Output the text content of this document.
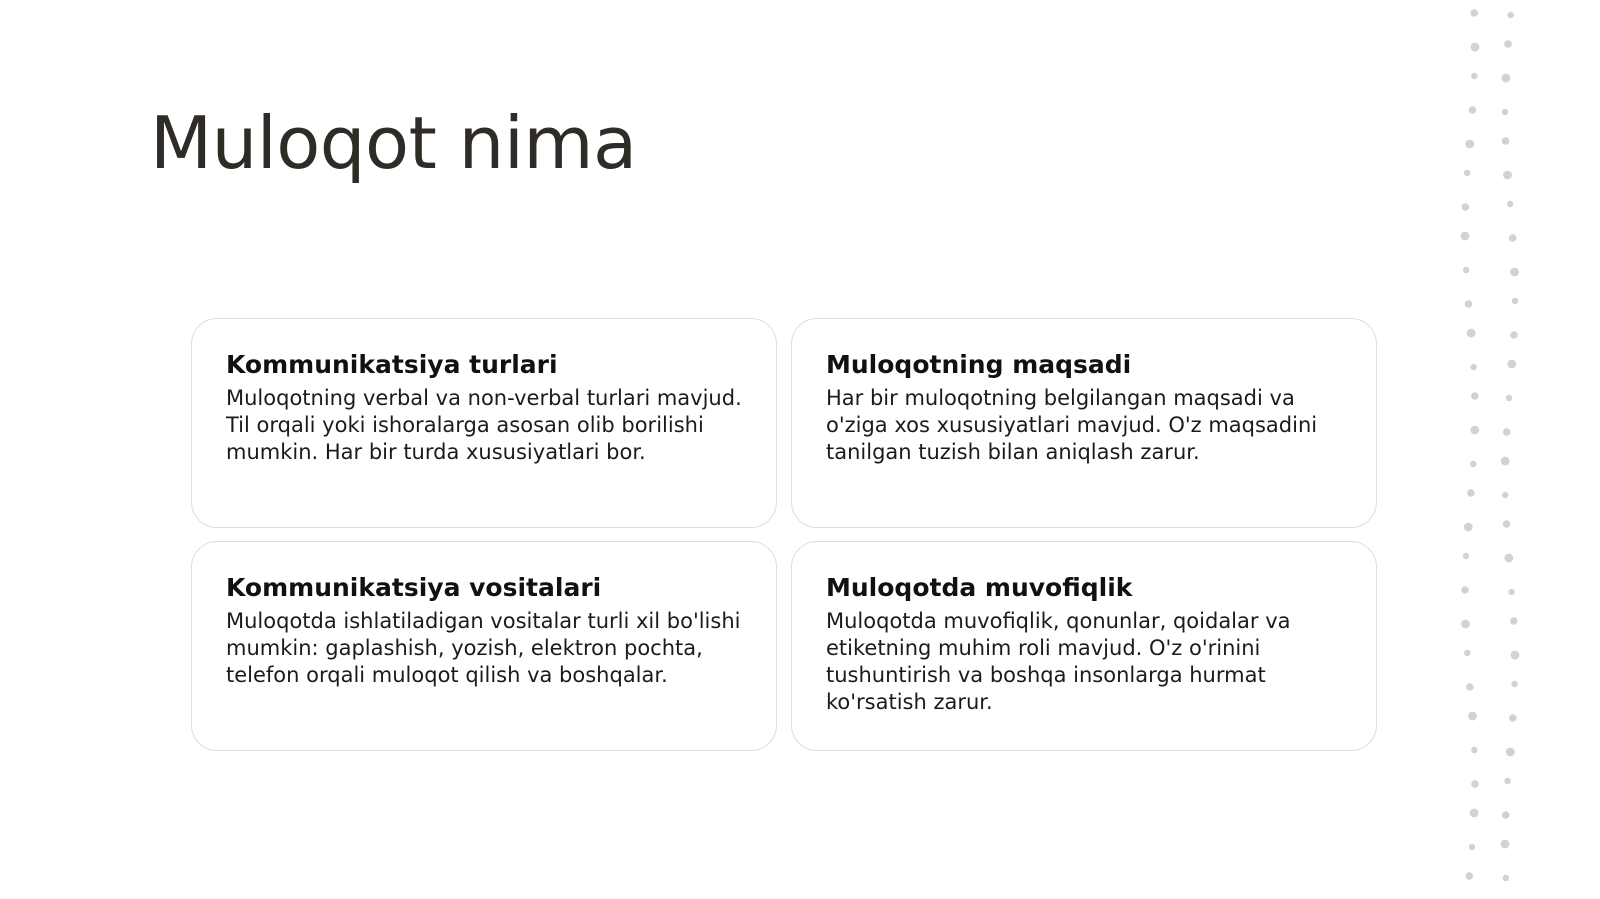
Muloqot nima

Kommunikatsiya turlari

Muloqotning verbal va non-verbal turlari mavjud. Til orqali yoki ishoralarga asosan olib borilishi mumkin. Har bir turda xususiyatlari bor.

Muloqotning maqsadi

Har bir muloqotning belgilangan maqsadi va o'ziga xos xususiyatlari mavjud. O'z maqsadini tanilgan tuzish bilan aniqlash zarur.

Kommunikatsiya vositalari

Muloqotda ishlatiladigan vositalar turli xil bo'lishi mumkin: gaplashish, yozish, elektron pochta, telefon orqali muloqot qilish va boshqalar.

Muloqotda muvofiqlik

Muloqotda muvofiqlik, qonunlar, qoidalar va etiketning muhim roli mavjud. O'z o'rinini tushuntirish va boshqa insonlarga hurmat ko'rsatish zarur.
